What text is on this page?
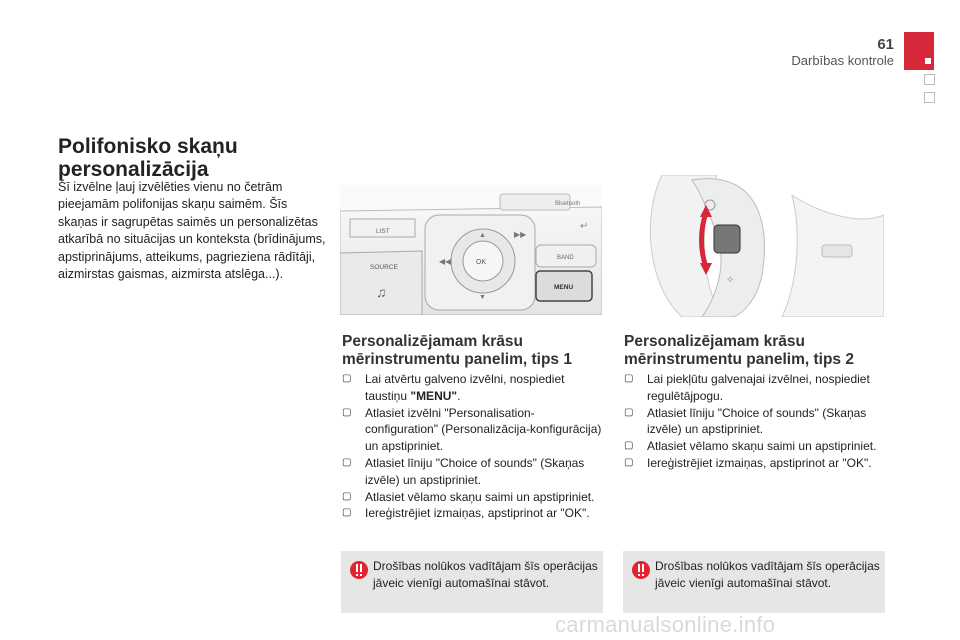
61
Darbības kontrole
Polifonisko skaņu personalizācija
Šī izvēlne ļauj izvēlēties vienu no četrām pieejamām polifonijas skaņu saimēm. Šīs skaņas ir sagrupētas saimēs un personalizētas atkarībā no situācijas un konteksta (brīdinājums, apstiprinājums, atteikums, pagrieziena rādītāji, aizmirstas gaismas, aizmirsta atslēga...).
Bluetooth
LIST
SOURCE
♫
OK
◀◀
▶▶
▲
▼
BAND
MENU
↵
✧
Personalizējamam krāsu mērinstrumentu panelim, tips 1
▢ Lai atvērtu galveno izvēlni, nospiediet taustiņu "MENU".
▢ Atlasiet izvēlni "Personalisation-configuration" (Personalizācija-konfigurācija) un apstipriniet.
▢ Atlasiet līniju "Choice of sounds" (Skaņas izvēle) un apstipriniet.
▢ Atlasiet vēlamo skaņu saimi un apstipriniet.
▢ Iereģistrējiet izmaiņas, apstiprinot ar "OK".
Drošības nolūkos vadītājam šīs operācijas jāveic vienīgi automašīnai stāvot.
Personalizējamam krāsu mērinstrumentu panelim, tips 2
▢ Lai piekļūtu galvenajai izvēlnei, nospiediet regulētājpogu.
▢ Atlasiet līniju "Choice of sounds" (Skaņas izvēle) un apstipriniet.
▢ Atlasiet vēlamo skaņu saimi un apstipriniet.
▢ Iereģistrējiet izmaiņas, apstiprinot ar "OK".
Drošības nolūkos vadītājam šīs operācijas jāveic vienīgi automašīnai stāvot.
carmanualsonline.info
